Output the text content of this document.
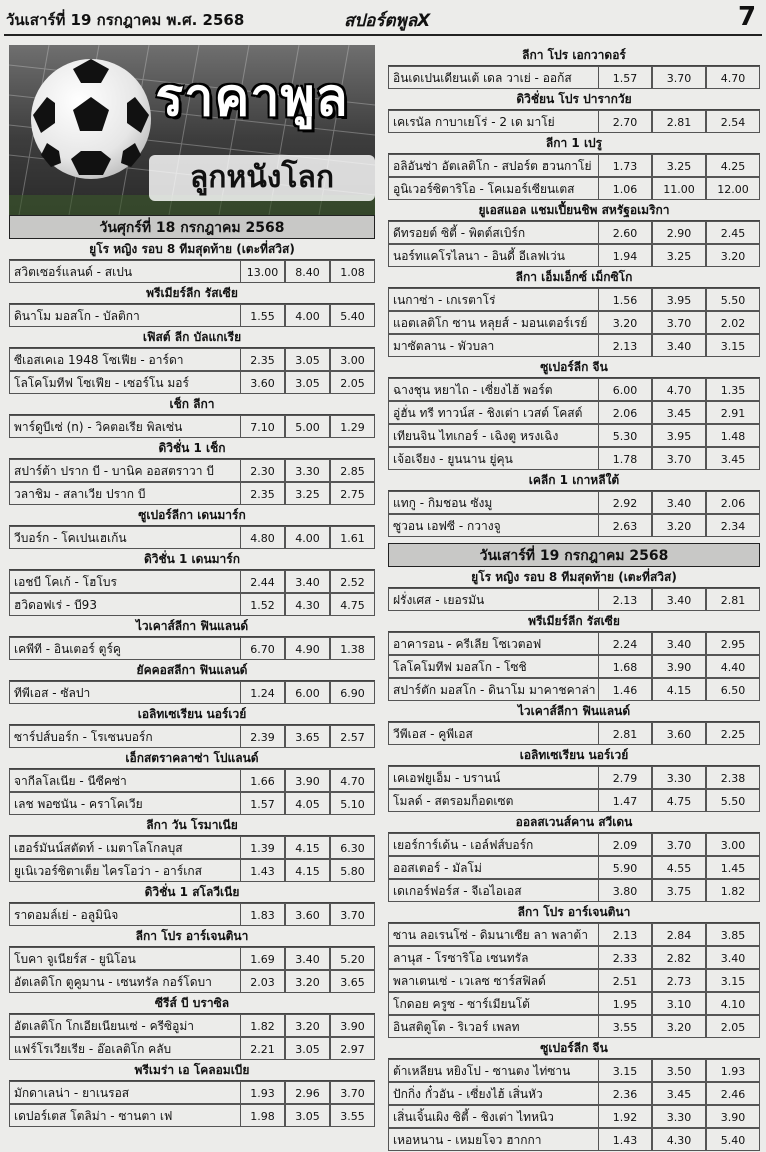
วันเสาร์ที่ 19 กรกฎาคม พ.ศ. 2568	สปอร์ตพูลX	7
ราคาพูล
ลูกหนังโลก
วันศุกร์ที่ 18 กรกฎาคม 2568
ยูโร หญิง รอบ 8 ทีมสุดท้าย (เตะที่สวิส)
สวิตเซอร์แลนด์ - สเปน	13.00	8.40	1.08
พรีเมียร์ลีก รัสเซีย
ดินาโม มอสโก - บัลติกา	1.55	4.00	5.40
เฟิสต์ ลีก บัลแกเรีย
ซีเอสเคเอ 1948 โซเฟีย - อาร์ดา	2.35	3.05	3.00
โลโคโมทีฟ โซเฟีย - เซอร์โน มอร์	3.60	3.05	2.05
เช็ก ลีกา
พาร์ดูบีเซ่ (n) - วิคตอเรีย พิลเซ่น	7.10	5.00	1.29
ดิวิชั่น 1 เช็ก
สปาร์ต้า ปราก บี - บานิค ออสตราวา บี	2.30	3.30	2.85
วลาชิม - สลาเวีย ปราก บี	2.35	3.25	2.75
ซูเปอร์ลีกา เดนมาร์ก
วีบอร์ก - โคเปนเฮเก้น	4.80	4.00	1.61
ดิวิชั่น 1 เดนมาร์ก
เอชบี โคเก้ - โฮโบร	2.44	3.40	2.52
ฮวิดอฟเร่ - บี93	1.52	4.30	4.75
ไวเคาส์ลีกา ฟินแลนด์
เคพีที - อินเตอร์ ตูร์คู	6.70	4.90	1.38
ยัคคอสลีกา ฟินแลนด์
ทีพีเอส - ซัลปา	1.24	6.00	6.90
เอลิทเซเรียน นอร์เวย์
ซาร์ปส์บอร์ก - โรเซนบอร์ก	2.39	3.65	2.57
เอ็กสตราคลาซ่า โปแลนด์
จากีลโลเนีย - นีซีคซ่า	1.66	3.90	4.70
เลช พอซนัน - คราโคเวีย	1.57	4.05	5.10
ลีกา วัน โรมาเนีย
เฮอร์มันน์สตัดท์ - เมตาโลโกลบุส	1.39	4.15	6.30
ยูเนิเวอร์ซิตาเต็ย ไครโอว่า - อาร์เกส	1.43	4.15	5.80
ดิวิชั่น 1 สโลวีเนีย
ราดอมล์เย่ - อลูมินิจ	1.83	3.60	3.70
ลีกา โปร อาร์เจนตินา
โบคา จูเนียร์ส - ยูนิโอน	1.69	3.40	5.20
อัตเลติโก ตูคูมาน - เซนทรัล กอร์โดบา	2.03	3.20	3.65
ซีรีส์ บี บราซิล
อัตเลติโก โกเอียเนียนเซ่ - ครีซิอูม่า	1.82	3.20	3.90
แฟร์โรเวียเรีย - อ๊อเลติโก คลับ	2.21	3.05	2.97
พรีเมร่า เอ โคลอมเบีย
มักดาเลน่า - ยาเนรอส	1.93	2.96	3.70
เดปอร์เตส โตลิม่า - ซานตา เฟ	1.98	3.05	3.55
ลีกา โปร เอกวาดอร์
อินเดเปนเดียนเต้ เดล วาเย่ - ออก้ส	1.57	3.70	4.70
ดิวิชั่ยน โปร ปารากวัย
เคเรนัล กาบาเยโร่ - 2 เด มาโย่	2.70	2.81	2.54
ลีกา 1 เปรู
อลิอันซ่า อัตเลติโก - สปอร์ต ฮวนกาโย่	1.73	3.25	4.25
อูนิเวอร์ซิตาริโอ - โคเมอร์เซียนเตส	1.06	11.00	12.00
ยูเอสแอล แชมเปี้ยนชิพ สหรัฐอเมริกา
ดีทรอยต์ ซิตี้ - พิตต์สเบิร์ก	2.60	2.90	2.45
นอร์ทแคโรไลนา - อินดี้ อีเลฟเว่น	1.94	3.25	3.20
ลีกา เอ็มเอ็กซ์ เม็กซิโก
เนกาซ่า - เกเรตาโร่	1.56	3.95	5.50
แอตเลติโก ซาน หลุยส์ - มอนเตอร์เรย์	3.20	3.70	2.02
มาซัตลาน - พัวบลา	2.13	3.40	3.15
ซูเปอร์ลีก จีน
ฉางชุน หยาไถ - เซี่ยงไฮ้ พอร์ต	6.00	4.70	1.35
อู่ฮั่น ทรี ทาวน์ส - ชิงเต่า เวสต์ โคสต์	2.06	3.45	2.91
เทียนจิน ไทเกอร์ - เฉิงตู หรงเฉิง	5.30	3.95	1.48
เจ้อเจียง - ยูนนาน ยู่คุน	1.78	3.70	3.45
เคลีก 1 เกาหลีใต้
แทกู - กิมชอน ซังมู	2.92	3.40	2.06
ซูวอน เอฟซี - กวางจู	2.63	3.20	2.34
วันเสาร์ที่ 19 กรกฎาคม 2568
ยูโร หญิง รอบ 8 ทีมสุดท้าย (เตะที่สวิส)
ฝรั่งเศส - เยอรมัน	2.13	3.40	2.81
พรีเมียร์ลีก รัสเซีย
อาคารอน - ครีเลีย โซเวตอฟ	2.24	3.40	2.95
โลโคโมทีฟ มอสโก - โซชิ	1.68	3.90	4.40
สปาร์ตัก มอสโก - ดินาโม มาคาชคาล่า	1.46	4.15	6.50
ไวเคาส์ลีกา ฟินแลนด์
วีพีเอส - คูพีเอส	2.81	3.60	2.25
เอลิทเซเรียน นอร์เวย์
เคเอฟยูเอ็ม - บรานน์	2.79	3.30	2.38
โมลด์ - สตรอมก็อดเซต	1.47	4.75	5.50
ออลสเวนส์คาน สวีเดน
เยอร์การ์เด้น - เอล์ฟส์บอร์ก	2.09	3.70	3.00
ออสเตอร์ - มัลโม่	5.90	4.55	1.45
เดเกอร์ฟอร์ส - จีเอไอเอส	3.80	3.75	1.82
ลีกา โปร อาร์เจนตินา
ซาน ลอเรนโซ่ - ดิมนาเซีย ลา พลาต้า	2.13	2.84	3.85
ลานุส - โรซาริโอ เซนทรัล	2.33	2.82	3.40
พลาเตนเซ่ - เวเลซ ซาร์สฟิลด์	2.51	2.73	3.15
โกดอย ครูซ - ซาร์เมียนโต้	1.95	3.10	4.10
อินสติตูโต - ริเวอร์ เพลท	3.55	3.20	2.05
ซูเปอร์ลีก จีน
ต้าเหลียน หยิงโป - ซานตง ไท่ซาน	3.15	3.50	1.93
ปักกิ่ง กั๋วอัน - เซี่ยงไฮ้ เสิ่นหัว	2.36	3.45	2.46
เสิ่นเจิ้นเผิง ซิตี้ - ชิงเต่า ไทหนิว	1.92	3.30	3.90
เหอหนาน - เหมยโจว ฮากกา	1.43	4.30	5.40
